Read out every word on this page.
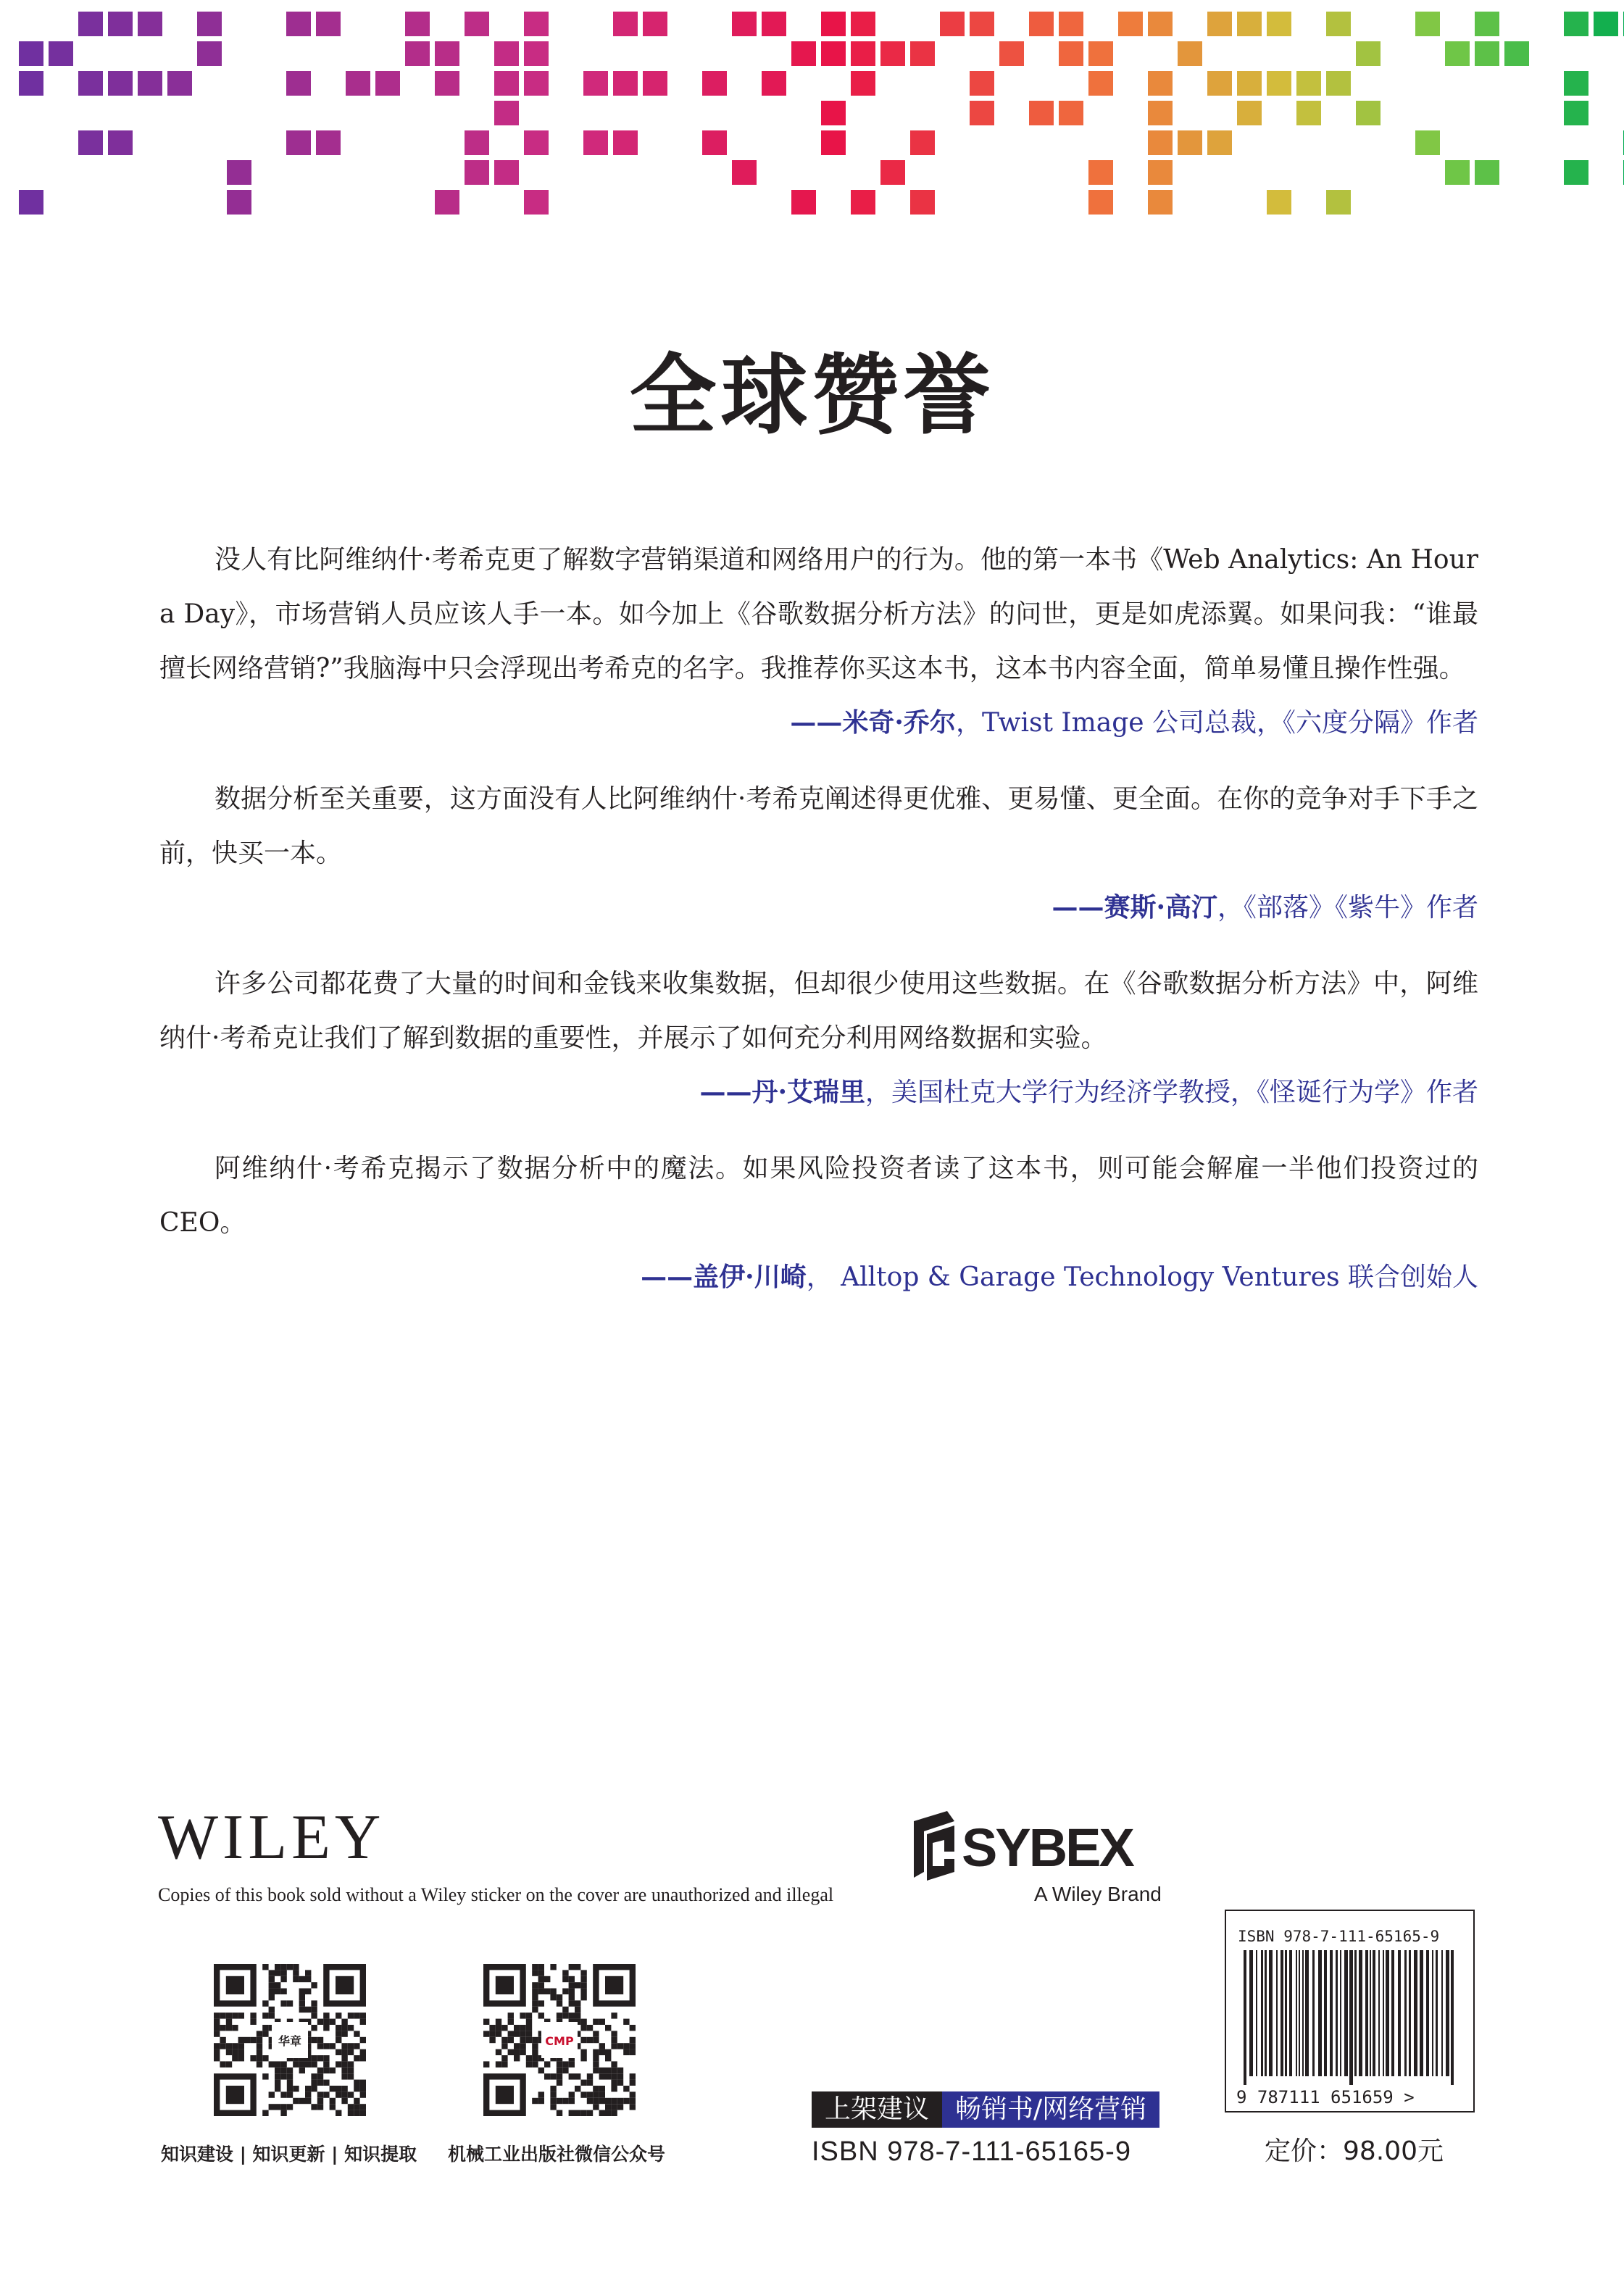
全球赞誉

没人有比阿维纳什·考希克更了解数字营销渠道和网络用户的行为。他的第一本书《Web Analytics: An Hour a Day》，市场营销人员应该人手一本。如今加上《谷歌数据分析方法》的问世，更是如虎添翼。如果问我：“谁最擅长网络营销?”我脑海中只会浮现出考希克的名字。我推荐你买这本书，这本书内容全面，简单易懂且操作性强。

——米奇·乔尔，Twist Image 公司总裁，《六度分隔》作者

数据分析至关重要，这方面没有人比阿维纳什·考希克阐述得更优雅、更易懂、更全面。在你的竞争对手下手之前，快买一本。

——赛斯·高汀，《部落》《紫牛》作者

许多公司都花费了大量的时间和金钱来收集数据，但却很少使用这些数据。在《谷歌数据分析方法》中，阿维纳什·考希克让我们了解到数据的重要性，并展示了如何充分利用网络数据和实验。

——丹·艾瑞里，美国杜克大学行为经济学教授，《怪诞行为学》作者

阿维纳什·考希克揭示了数据分析中的魔法。如果风险投资者读了这本书，则可能会解雇一半他们投资过的CEO。

——盖伊·川崎， Alltop & Garage Technology Ventures 联合创始人

WILEY
Copies of this book sold without a Wiley sticker on the cover are unauthorized and illegal
SYBEX
A Wiley Brand
华章	CMP
知识建设 | 知识更新 | 知识提取 机械工业出版社微信公众号
上架建议	畅销书/网络营销
ISBN 978-7-111-65165-9
ISBN 978-7-111-65165-9
9 787111 651659 >
定价：98.00元
